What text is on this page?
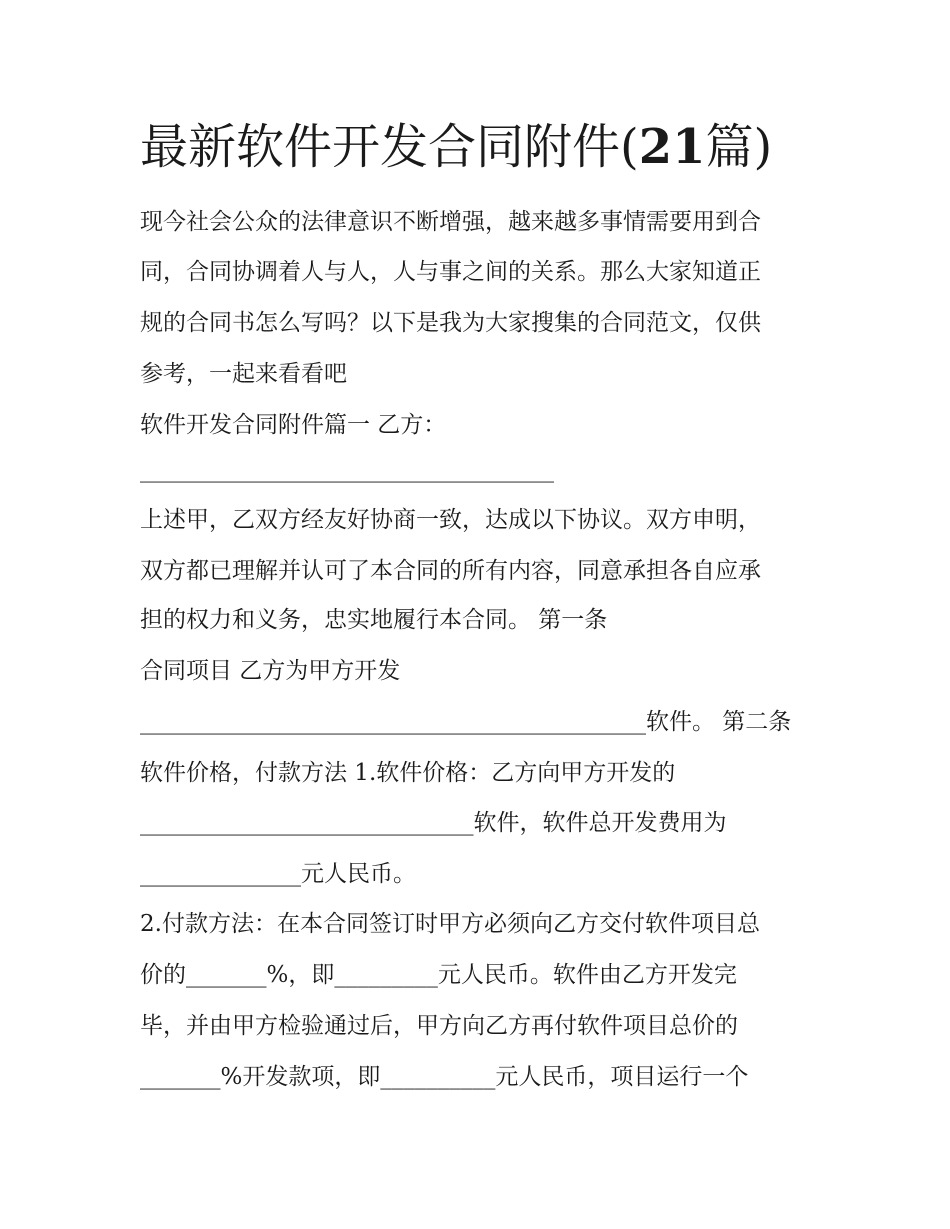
最新软件开发合同附件(21篇)
现今社会公众的法律意识不断增强，越来越多事情需要用到合
同，合同协调着人与人，人与事之间的关系。那么大家知道正
规的合同书怎么写吗？以下是我为大家搜集的合同范文，仅供
参考，一起来看看吧
软件开发合同附件篇一 乙方：
____________________________________
上述甲，乙双方经友好协商一致，达成以下协议。双方申明，
双方都已理解并认可了本合同的所有内容，同意承担各自应承
担的权力和义务，忠实地履行本合同。 第一条
合同项目 乙方为甲方开发
____________________________________________软件。 第二条
软件价格，付款方法 1.软件价格：乙方向甲方开发的
_____________________________软件，软件总开发费用为
______________元人民币。
2.付款方法：在本合同签订时甲方必须向乙方交付软件项目总
价的_______%，即_________元人民币。软件由乙方开发完
毕，并由甲方检验通过后，甲方向乙方再付软件项目总价的
_______%开发款项，即__________元人民币，项目运行一个
